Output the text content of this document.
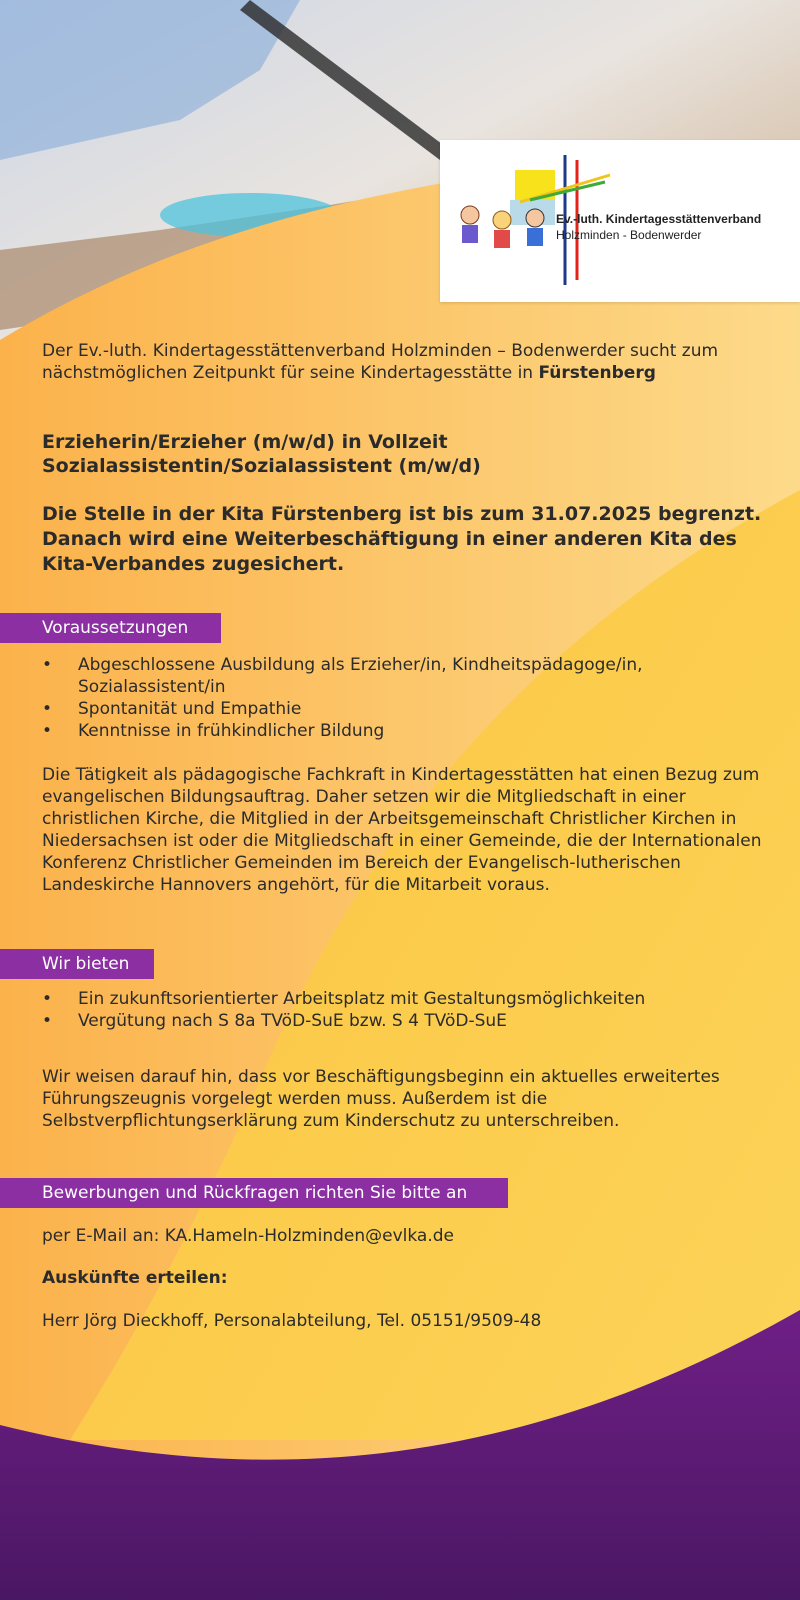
Ev.-luth. Kindertagesstättenverband
Holzminden - Bodenwerder
Der Ev.-luth. Kindertagesstättenverband Holzminden – Bodenwerder sucht zum nächstmöglichen Zeitpunkt für seine Kindertagesstätte in Fürstenberg
Erzieherin/Erzieher (m/w/d) in Vollzeit
Sozialassistentin/Sozialassistent (m/w/d)
Die Stelle in der Kita Fürstenberg ist bis zum 31.07.2025 begrenzt. Danach wird eine Weiterbeschäftigung in einer anderen Kita des Kita-Verbandes zugesichert.
Voraussetzungen
• Abgeschlossene Ausbildung als Erzieher/in, Kindheitspädagoge/in, Sozialassistent/in
• Spontanität und Empathie
• Kenntnisse in frühkindlicher Bildung
Die Tätigkeit als pädagogische Fachkraft in Kindertagesstätten hat einen Bezug zum evangelischen Bildungsauftrag. Daher setzen wir die Mitgliedschaft in einer christlichen Kirche, die Mitglied in der Arbeitsgemeinschaft Christlicher Kirchen in Niedersachsen ist oder die Mitgliedschaft in einer Gemeinde, die der Internationalen Konferenz Christlicher Gemeinden im Bereich der Evangelisch-lutherischen Landeskirche Hannovers angehört, für die Mitarbeit voraus.
Wir bieten
• Ein zukunftsorientierter Arbeitsplatz mit Gestaltungsmöglichkeiten
• Vergütung nach S 8a TVöD-SuE bzw. S 4 TVöD-SuE
Wir weisen darauf hin, dass vor Beschäftigungsbeginn ein aktuelles erweitertes Führungszeugnis vorgelegt werden muss. Außerdem ist die Selbstverpflichtungserklärung zum Kinderschutz zu unterschreiben.
Bewerbungen und Rückfragen richten Sie bitte an
per E-Mail an: KA.Hameln-Holzminden@evlka.de
Auskünfte erteilen:
Herr Jörg Dieckhoff, Personalabteilung, Tel. 05151/9509-48
